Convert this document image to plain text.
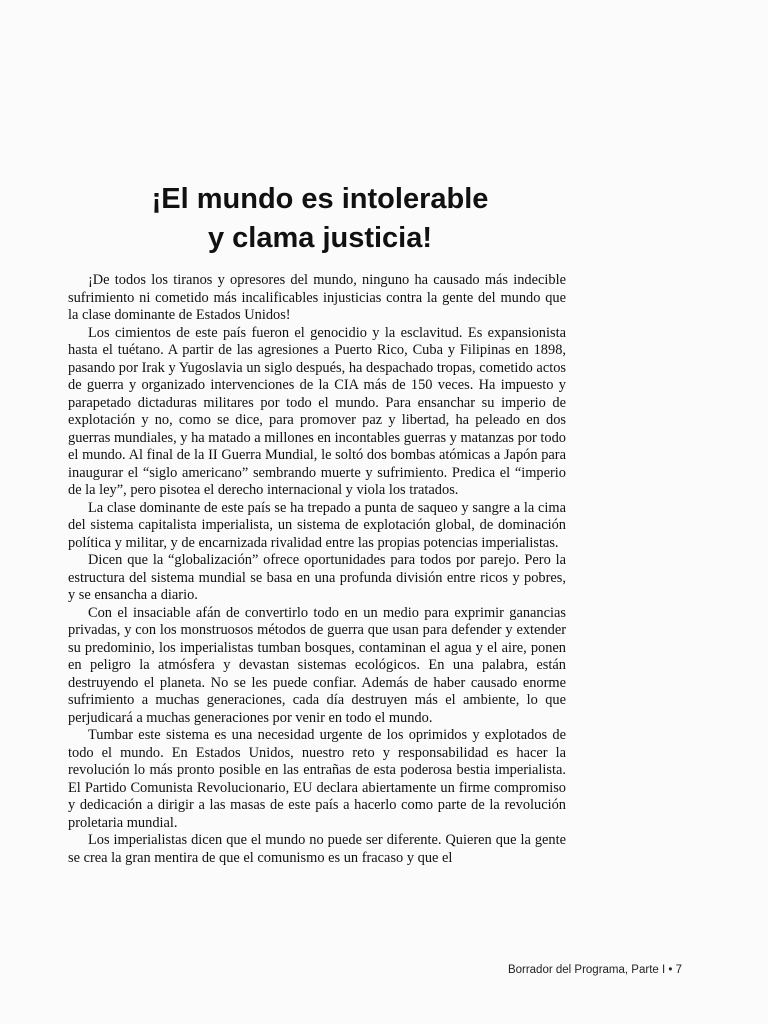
¡El mundo es intolerable
y clama justicia!

¡De todos los tiranos y opresores del mundo, ninguno ha causado más indecible sufrimiento ni cometido más incalificables injusticias contra la gente del mundo que la clase dominante de Estados Unidos!

Los cimientos de este país fueron el genocidio y la esclavitud. Es expansionista hasta el tuétano. A partir de las agresiones a Puerto Rico, Cuba y Filipinas en 1898, pasando por Irak y Yugoslavia un siglo después, ha despachado tropas, cometido actos de guerra y organizado intervenciones de la CIA más de 150 veces. Ha impuesto y parapetado dictaduras militares por todo el mundo. Para ensanchar su imperio de explotación y no, como se dice, para promover paz y libertad, ha peleado en dos guerras mundiales, y ha matado a millones en incontables guerras y matanzas por todo el mundo. Al final de la II Guerra Mundial, le soltó dos bombas atómicas a Japón para inaugurar el “siglo americano” sembrando muerte y sufrimiento. Predica el “imperio de la ley”, pero pisotea el derecho internacional y viola los tratados.

La clase dominante de este país se ha trepado a punta de saqueo y sangre a la cima del sistema capitalista imperialista, un sistema de explotación global, de dominación política y militar, y de encarnizada rivalidad entre las propias potencias imperialistas.

Dicen que la “globalización” ofrece oportunidades para todos por parejo. Pero la estructura del sistema mundial se basa en una profunda división entre ricos y pobres, y se ensancha a diario.

Con el insaciable afán de convertirlo todo en un medio para exprimir ganancias privadas, y con los monstruosos métodos de guerra que usan para defender y extender su predominio, los imperialistas tumban bosques, contaminan el agua y el aire, ponen en peligro la atmósfera y devastan sistemas ecológicos. En una palabra, están destruyendo el planeta. No se les puede confiar. Además de haber causado enorme sufrimiento a muchas generaciones, cada día destruyen más el ambiente, lo que perjudicará a muchas generaciones por venir en todo el mundo.

Tumbar este sistema es una necesidad urgente de los oprimidos y explotados de todo el mundo. En Estados Unidos, nuestro reto y responsabilidad es hacer la revolución lo más pronto posible en las entrañas de esta poderosa bestia imperialista. El Partido Comunista Revolucionario, EU declara abiertamente un firme compromiso y dedicación a dirigir a las masas de este país a hacerlo como parte de la revolución proletaria mundial.

Los imperialistas dicen que el mundo no puede ser diferente. Quieren que la gente se crea la gran mentira de que el comunismo es un fracaso y que el

Borrador del Programa, Parte I • 7
